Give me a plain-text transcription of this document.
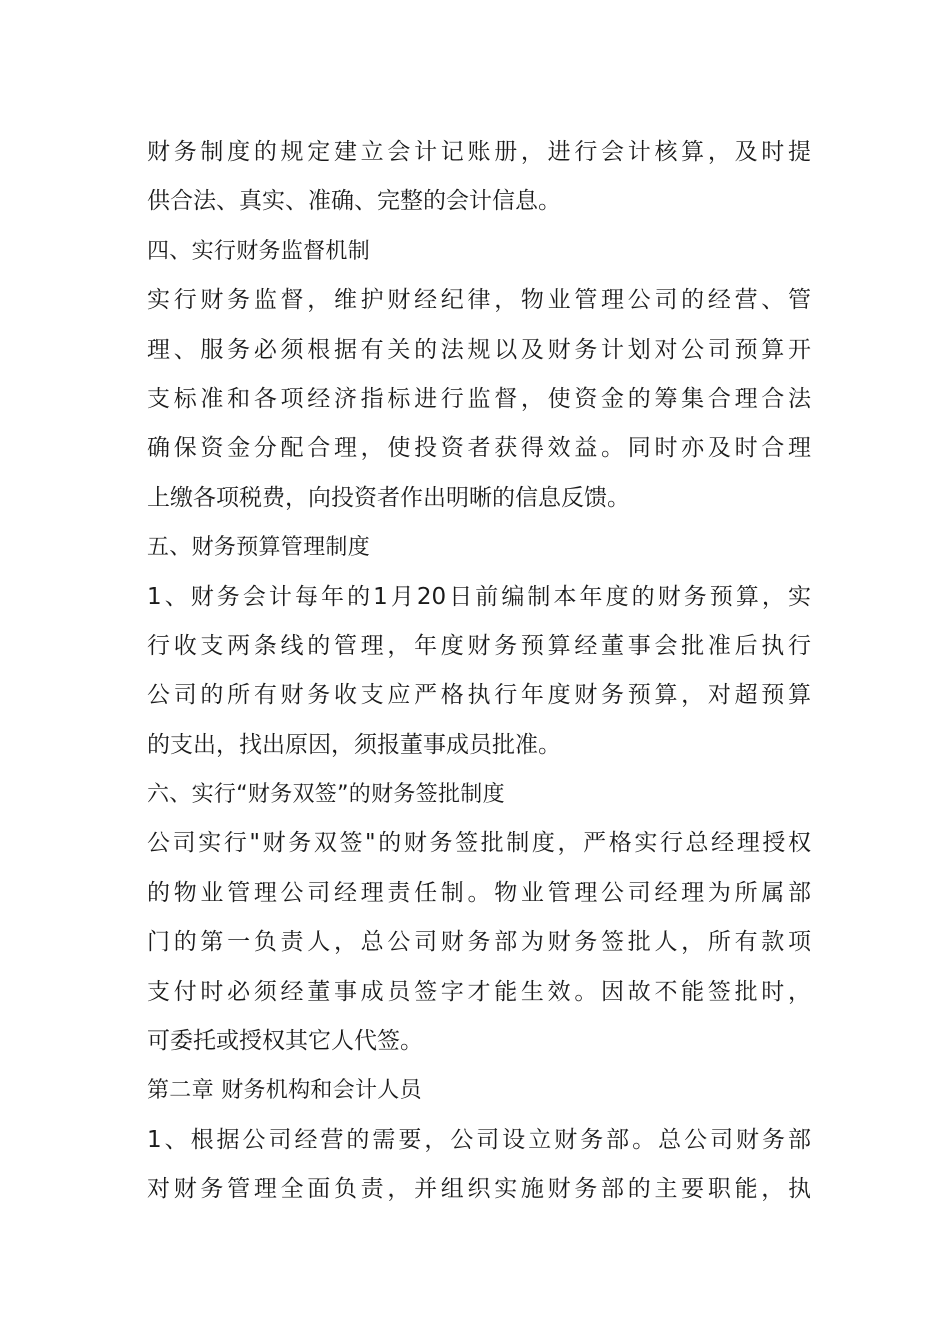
财务制度的规定建立会计记账册，进行会计核算，及时提
供合法、真实、准确、完整的会计信息。
四、实行财务监督机制
实行财务监督，维护财经纪律，物业管理公司的经营、管
理、服务必须根据有关的法规以及财务计划对公司预算开
支标准和各项经济指标进行监督，使资金的筹集合理合法
确保资金分配合理，使投资者获得效益。同时亦及时合理
上缴各项税费，向投资者作出明晰的信息反馈。
五、财务预算管理制度
1、财务会计每年的1月20日前编制本年度的财务预算，实
行收支两条线的管理，年度财务预算经董事会批准后执行
公司的所有财务收支应严格执行年度财务预算，对超预算
的支出，找出原因，须报董事成员批准。
六、实行“财务双签”的财务签批制度
公司实行"财务双签"的财务签批制度，严格实行总经理授权
的物业管理公司经理责任制。物业管理公司经理为所属部
门的第一负责人，总公司财务部为财务签批人，所有款项
支付时必须经董事成员签字才能生效。因故不能签批时，
可委托或授权其它人代签。
第二章 财务机构和会计人员
1、根据公司经营的需要，公司设立财务部。总公司财务部
对财务管理全面负责，并组织实施财务部的主要职能，执
